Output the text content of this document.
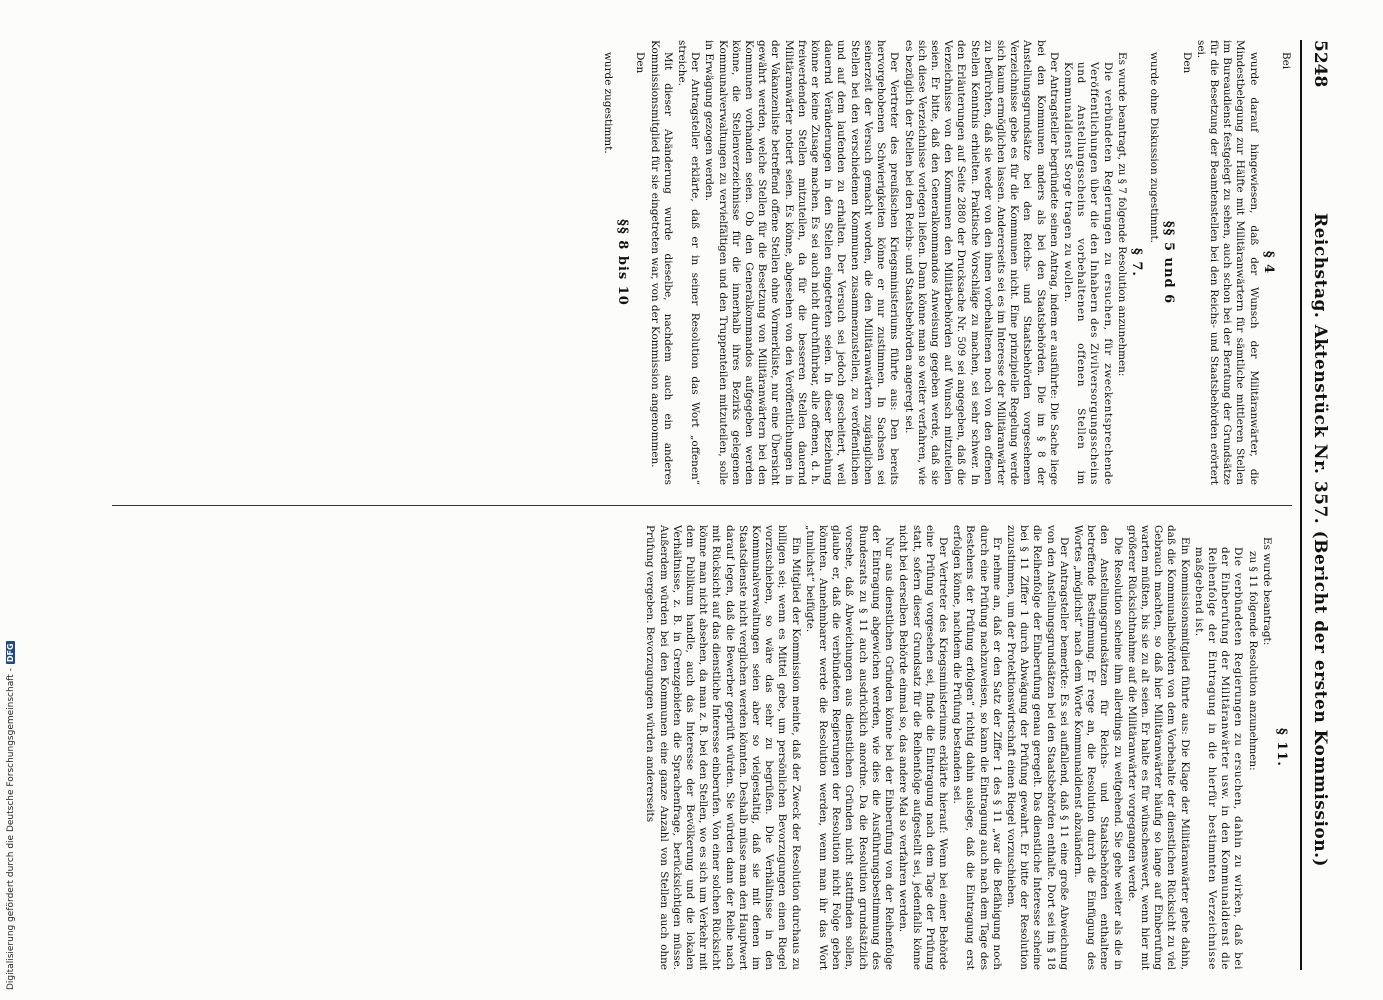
5248
Reichstag. Aktenstück Nr. 357. (Bericht der ersten Kommission.)

Bei

§ 4

wurde darauf hingewiesen, daß der Wunsch der Militäranwärter, die Mindestbelegung zur Hälfte mit Militäranwärtern für sämtliche mittleren Stellen im Bureaudienst festgelegt zu sehen, auch schon bei der Beratung der Grundsätze für die Besetzung der Beamtenstellen bei den Reichs- und Staatsbehörden erörtert sei.

Den

§§ 5 und 6

wurde ohne Diskussion zugestimmt.

§ 7.

Es wurde beantragt, zu § 7 folgende Resolution anzunehmen:

Die verbündeten Regierungen zu ersuchen, für zweckentsprechende Veröffentlichungen über die den Inhabern des Zivilversorgungsscheins und Anstellungsscheins vorbehaltenen offenen Stellen im Kommunaldienst Sorge tragen zu wollen.

Der Antragsteller begründete seinen Antrag, indem er ausführte: Die Sache liege bei den Kommunen anders als bei den Staatsbehörden. Die im § 8 der Anstellungsgrundsätze bei den Reichs- und Staatsbehörden vorgesehenen Verzeichnisse gebe es für die Kommunen nicht. Eine prinzipielle Regelung werde sich kaum ermöglichen lassen. Andererseits sei es im Interesse der Militäranwärter zu befürchten, daß sie weder von den ihnen vorbehaltenen noch von den offenen Stellen Kenntnis erhielten. Praktische Vorschläge zu machen, sei sehr schwer. In den Erläuterungen auf Seite 2880 der Drucksache Nr. 509 sei angegeben, daß die Verzeichnisse von den Kommunen den Militärbehörden auf Wunsch mitzuteilen seien. Er bitte, daß den Generalkommandos Anweisung gegeben werde, daß sie sich diese Verzeichnisse vorlegen ließen. Dann könne man so weiter verfahren, wie es bezüglich der Stellen bei den Reichs- und Staatsbehörden angeregt sei.

Der Vertreter des preußischen Kriegsministeriums führte aus: Den bereits hervorgehobenen Schwierigkeiten könne er nur zustimmen. In Sachsen sei seinerzeit der Versuch gemacht worden, die den Militäranwärtern zugänglichen Stellen bei den verschiedenen Kommunen zusammenzustellen, zu veröffentlichen und auf dem laufenden zu erhalten. Der Versuch sei jedoch gescheitert, weil dauernd Veränderungen in den Stellen eingetreten seien. In dieser Beziehung könne er keine Zusage machen. Es sei auch nicht durchführbar, alle offenen, d. h. freiwerdenden Stellen mitzuteilen, da für die besseren Stellen dauernd Militäranwärter notiert seien. Es könne, abgesehen von den Veröffentlichungen in der Vakanzenliste betreffend offene Stellen ohne Vormerkliste, nur eine Übersicht gewährt werden, welche Stellen für die Besetzung von Militäranwärtern bei den Kommunen vorhanden seien. Ob den Generalkommandos aufgegeben werden könne, die Stellenverzeichnisse für die innerhalb ihres Bezirks gelegenen Kommunalverwaltungen zu vervielfältigen und den Truppenteilen mitzuteilen, solle in Erwägung gezogen werden.

Der Antragsteller erklärte, daß er in seiner Resolution das Wort „offenen“ streiche.

Mit dieser Abänderung wurde dieselbe, nachdem auch ein anderes Kommissionsmitglied für sie eingetreten war, von der Kommission angenommen.

Den

§§ 8 bis 10

wurde zugestimmt.

§ 11.

Es wurde beantragt:

zu § 11 folgende Resolution anzunehmen:

Die verbündeten Regierungen zu ersuchen, dahin zu wirken, daß bei der Einberufung der Militäranwärter usw. in den Kommunaldienst die Reihenfolge der Eintragung in die hierfür bestimmten Verzeichnisse maßgebend ist.

Ein Kommissionsmitglied führte aus: Die Klage der Militäranwärter gehe dahin, daß die Kommunalbehörden von dem Vorbehalte der dienstlichen Rücksicht zu viel Gebrauch machten, so daß hier Militäranwärter häufig so lange auf Einberufung warten müßten, bis sie zu alt seien. Er halte es für wünschenswert, wenn hier mit größerer Rücksichtnahme auf die Militäranwärter vorgegangen werde.

Die Resolution scheine ihm allerdings zu weitgehend. Sie gehe weiter als die in den Anstellungsgrundsätzen für Reichs- und Staatsbehörden enthaltene betreffende Bestimmung. Er rege an, die Resolution durch die Einfügung des Wortes „möglichst“ nach dem Worte Kommunaldienst abzuändern.

Der Antragsteller bemerkte: Es sei auffallend, daß § 11 eine große Abweichung von den Anstellungsgrundsätzen bei den Staatsbehörden enthalte. Dort sei im § 18 die Reihenfolge der Einberufung genau geregelt. Das dienstliche Interesse scheine bei § 11 Ziffer 1 durch Abwägung der Prüfung gewahrt. Er bitte der Resolution zuzustimmen, um der Protektionswirtschaft einen Riegel vorzuschieben.

Er nehme an, daß er den Satz der Ziffer 1 des § 11 „war die Befähigung noch durch eine Prüfung nachzuweisen, so kann die Eintragung auch nach dem Tage des Bestehens der Prüfung erfolgen“ richtig dahin auslege, daß die Eintragung erst erfolgen könne, nachdem die Prüfung bestanden sei.

Der Vertreter des Kriegsministeriums erklärte hierauf: Wenn bei einer Behörde eine Prüfung vorgesehen sei, finde die Eintragung nach dem Tage der Prüfung statt, sofern dieser Grundsatz für die Reihenfolge aufgestellt sei, jedenfalls könne nicht bei derselben Behörde einmal so, das andere Mal so verfahren werden.

Nur aus dienstlichen Gründen könne bei der Einberufung von der Reihenfolge der Eintragung abgewichen werden, wie dies die Ausführungsbestimmung des Bundesrats zu § 11 auch ausdrücklich anordne. Da die Resolution grundsätzlich vorsehe, daß Abweichungen aus dienstlichen Gründen nicht stattfinden sollen, glaube er, daß die verbündeten Regierungen der Resolution nicht Folge geben könnten. Annehmbarer werde die Resolution werden, wenn man ihr das Wort „tunlichst“ beifügte.

Ein Mitglied der Kommission meinte, daß der Zweck der Resolution durchaus zu billigen sei; wenn es Mittel gebe, um persönlichen Bevorzugungen einen Riegel vorzuschieben, so wäre das sehr zu begrüßen. Die Verhältnisse in den Kommunalverwaltungen seien aber so vielgestaltig, daß sie mit denen im Staatsdienste nicht verglichen werden könnten. Deshalb müsse man den Hauptwert darauf legen, daß die Bewerber geprüft würden. Sie würden dann der Reihe nach mit Rücksicht auf das dienstliche Interesse einberufen. Von einer solchen Rücksicht könne man nicht absehen, da man z. B. bei den Stellen, wo es sich um Verkehr mit dem Publikum handle, auch das Interesse der Bevölkerung und die lokalen Verhältnisse, z. B. in Grenzgebieten die Sprachenfrage, berücksichtigen müsse. Außerdem würden bei den Kommunen eine ganze Anzahl von Stellen auch ohne Prüfung vergeben. Bevorzugungen würden andererseits

Digitalisierung gefördert durch die Deutsche Forschungsgemeinschaft -DFG
